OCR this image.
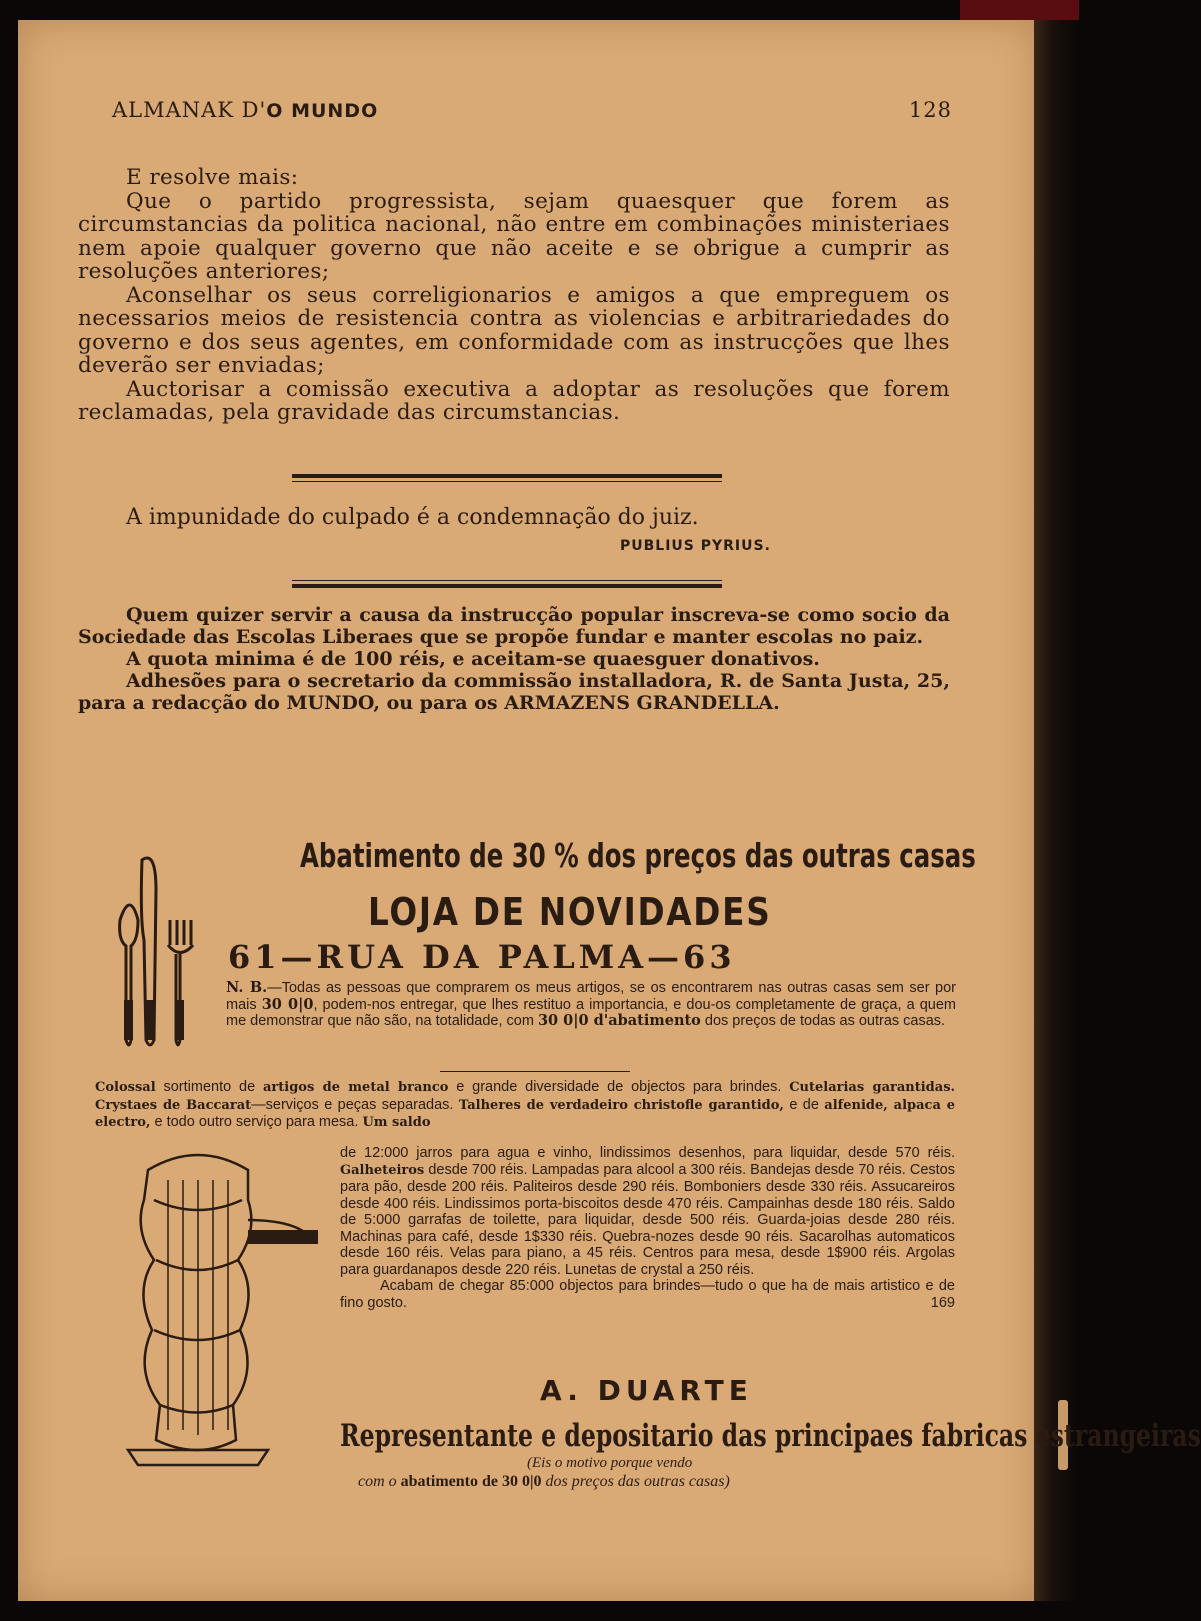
ALMANAK D'O MUNDO	128

E resolve mais:

Que o partido progressista, sejam quaesquer que forem as circumstancias da politica nacional, não entre em combinações ministeriaes nem apoie qualquer governo que não aceite e se obrigue a cumprir as resoluções anteriores;

Aconselhar os seus correligionarios e amigos a que empreguem os necessarios meios de resistencia contra as violencias e arbitrariedades do governo e dos seus agentes, em conformidade com as instrucções que lhes deverão ser enviadas;

Auctorisar a comissão executiva a adoptar as resoluções que forem reclamadas, pela gravidade das circumstancias.

A impunidade do culpado é a condemnação do juiz.
PUBLIUS PYRIUS.

Quem quizer servir a causa da instrucção popular inscreva-se como socio da Sociedade das Escolas Liberaes que se propõe fundar e manter escolas no paiz.

A quota minima é de 100 réis, e aceitam-se quaesguer donativos.

Adhesões para o secretario da commissão installadora, R. de Santa Justa, 25, para a redacção do MUNDO, ou para os ARMAZENS GRANDELLA.

Abatimento de 30 % dos preços das outras casas
LOJA DE NOVIDADES
61—RUA DA PALMA—63
N. B.—Todas as pessoas que comprarem os meus artigos, se os encontrarem nas outras casas sem ser por mais 30 0|0, podem-nos entregar, que lhes restituo a importancia, e dou-os completamente de graça, a quem me demonstrar que não são, na totalidade, com 30 0|0 d'abatimento dos preços de todas as outras casas.
Colossal sortimento de artigos de metal branco e grande diversidade de objectos para brindes. Cutelarias garantidas. Crystaes de Baccarat—serviços e peças separadas. Talheres de verdadeiro christofle garantido, e de alfenide, alpaca e electro, e todo outro serviço para mesa. Um saldo
de 12:000 jarros para agua e vinho, lindissimos desenhos, para liquidar, desde 570 réis. Galheteiros desde 700 réis. Lampadas para alcool a 300 réis. Bandejas desde 70 réis. Cestos para pão, desde 200 réis. Paliteiros desde 290 réis. Bomboniers desde 330 réis. Assucareiros desde 400 réis. Lindissimos porta-biscoitos desde 470 réis. Campainhas desde 180 réis. Saldo de 5:000 garrafas de toilette, para liquidar, desde 500 réis. Guarda-joias desde 280 réis. Machinas para café, desde 1$330 réis. Quebra-nozes desde 90 réis. Sacarolhas automaticos desde 160 réis. Velas para piano, a 45 réis. Centros para mesa, desde 1$900 réis. Argolas para guardanapos desde 220 réis. Lunetas de crystal a 250 réis.
Acabam de chegar 85:000 objectos para brindes—tudo o que ha de mais artistico e de fino gosto.	169
A. DUARTE
Representante e depositario das principaes fabricas estrangeiras
(Eis o motivo porque vendo
com o abatimento de 30 0|0 dos preços das outras casas)
